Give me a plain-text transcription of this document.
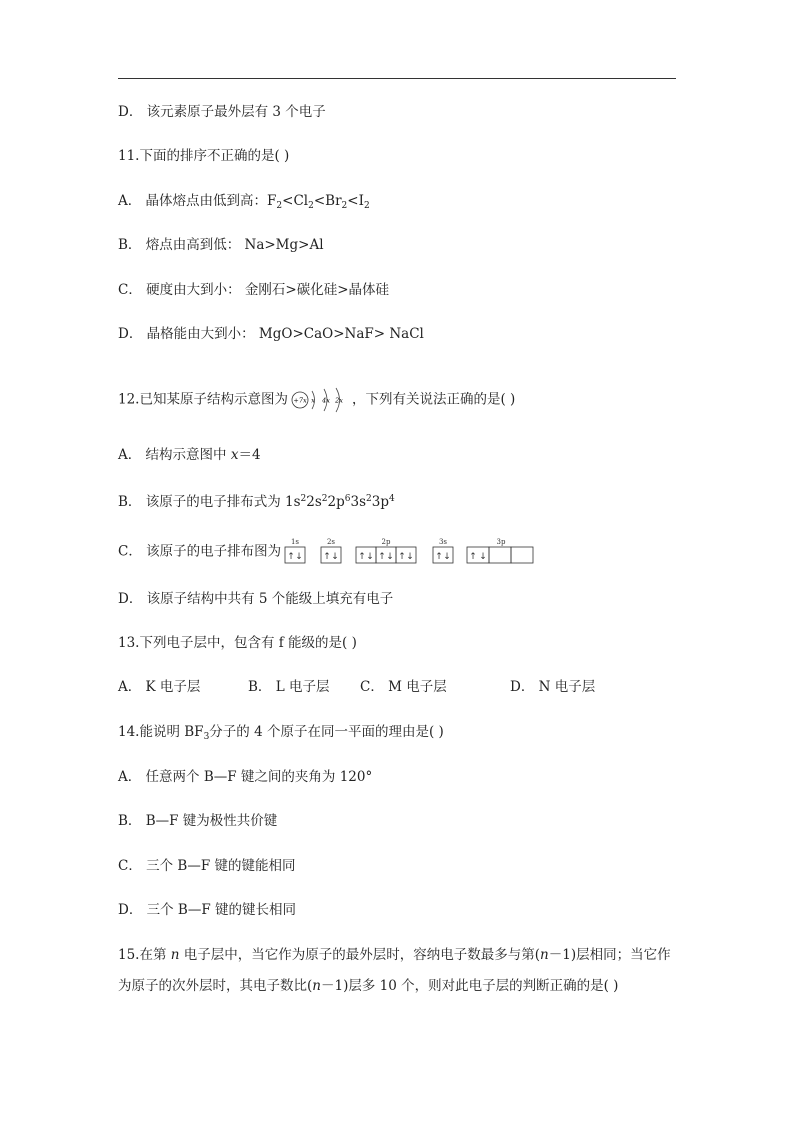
D． 该元素原子最外层有 3 个电子
11.下面的排序不正确的是( )
A． 晶体熔点由低到高：$F_2<Cl_2<Br_2<I_2$
B． 熔点由高到低： Na>Mg>Al
C． 硬度由大到小： 金刚石>碳化硅>晶体硅
D． 晶格能由大到小： MgO>CaO>NaF> NaCl
12.已知某原子结构示意图为 +7x x 4x 2x ，下列有关说法正确的是( )
A． 结构示意图中 x＝4
B． 该原子的电子排布式为 $1s^22s^22p^63s^23p^4$
C． 该原子的电子排布图为
1s	2s	2p	3s	3p
↑ ↓ ↑ ↓ ↑ ↓ ↑ ↓ ↑ ↓ ↑ ↓ ↑ ↓
D． 该原子结构中共有 5 个能级上填充有电子
13.下列电子层中，包含有 f 能级的是( )
A． K 电子层	B． L 电子层 C． M 电子层	D． N 电子层
14.能说明 $BF_3$分子的 4 个原子在同一平面的理由是( )
A． 任意两个 B—F 键之间的夹角为 120°
B． B—F 键为极性共价键
C． 三个 B—F 键的键能相同
D． 三个 B—F 键的键长相同
15.在第 n 电子层中，当它作为原子的最外层时，容纳电子数最多与第(n－1)层相同；当它作
为原子的次外层时，其电子数比(n－1)层多 10 个，则对此电子层的判断正确的是( )
